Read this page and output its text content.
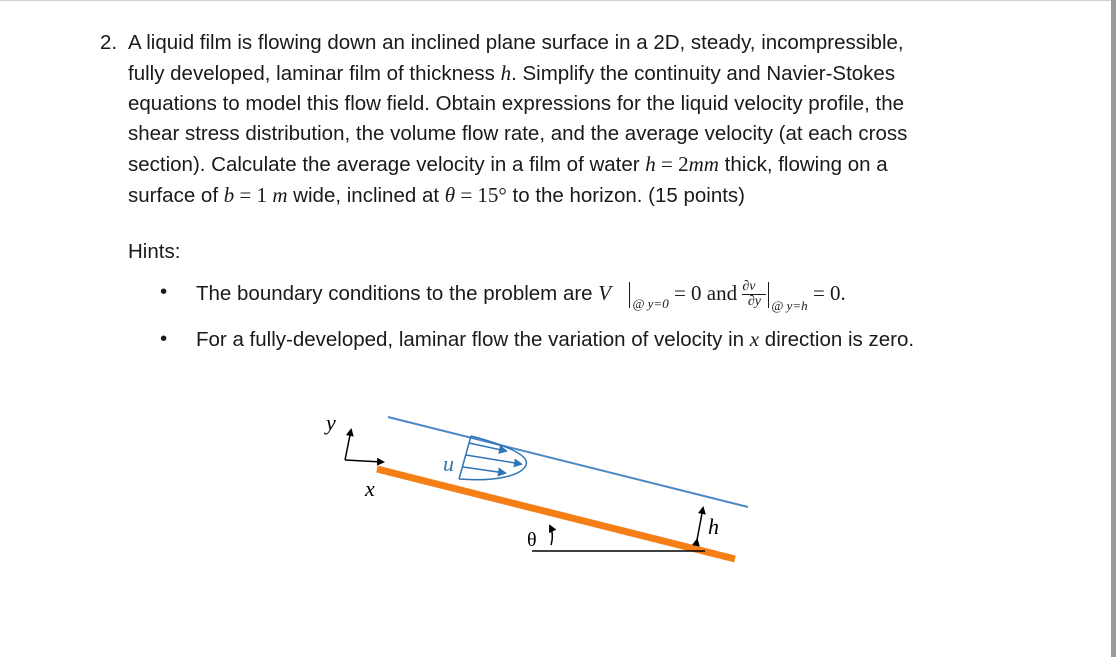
2. A liquid film is flowing down an inclined plane surface in a 2D, steady, incompressible,
fully developed, laminar film of thickness h. Simplify the continuity and Navier-Stokes
equations to model this flow field. Obtain expressions for the liquid velocity profile, the
shear stress distribution, the volume flow rate, and the average velocity (at each cross
section). Calculate the average velocity in a film of water h = 2mm thick, flowing on a
surface of b = 1 m wide, inclined at θ = 15° to the horizon. (15 points)
Hints:
• The boundary conditions to the problem are V⃗ $_{@ y=0}$ = 0 and $\frac{\partial v⃗}{\partial y} _{@ y=h} = 0$.
• For a fully-developed, laminar flow the variation of velocity in x direction is zero.
y
x
u
θ
h
